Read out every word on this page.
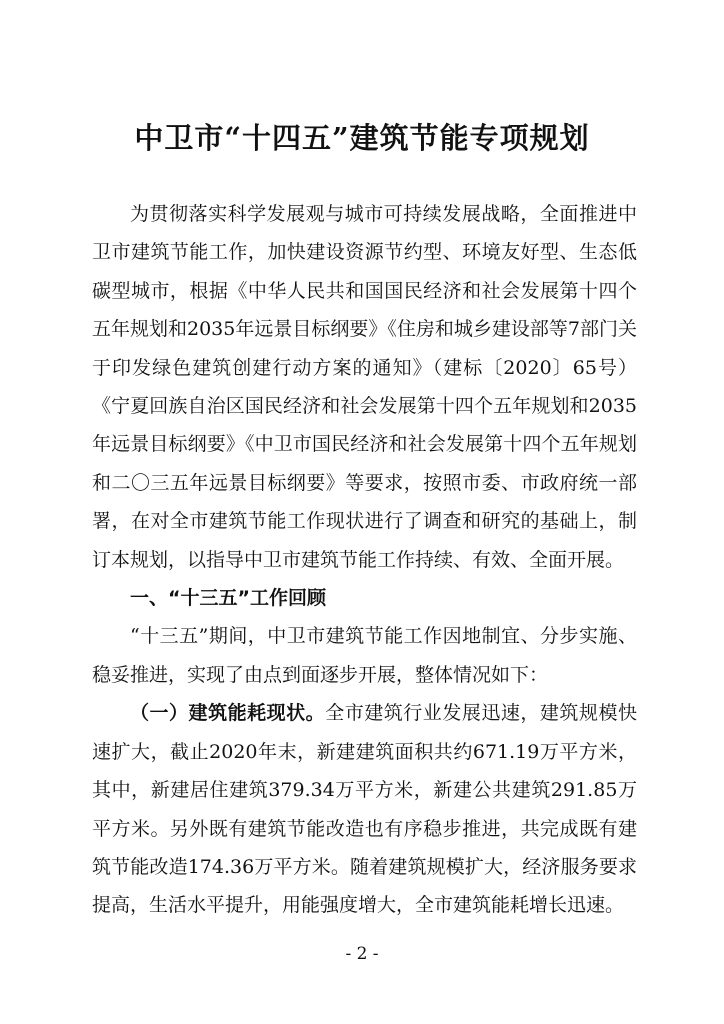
中卫市“十四五”建筑节能专项规划

为贯彻落实科学发展观与城市可持续发展战略，全面推进中卫市建筑节能工作，加快建设资源节约型、环境友好型、生态低碳型城市，根据《中华人民共和国国民经济和社会发展第十四个五年规划和2035年远景目标纲要》《住房和城乡建设部等7部门关于印发绿色建筑创建行动方案的通知》（建标〔2020〕65号）《宁夏回族自治区国民经济和社会发展第十四个五年规划和2035年远景目标纲要》《中卫市国民经济和社会发展第十四个五年规划和二〇三五年远景目标纲要》等要求，按照市委、市政府统一部署，在对全市建筑节能工作现状进行了调查和研究的基础上，制订本规划，以指导中卫市建筑节能工作持续、有效、全面开展。

一、“十三五”工作回顾

“十三五”期间，中卫市建筑节能工作因地制宜、分步实施、稳妥推进，实现了由点到面逐步开展，整体情况如下：

（一）建筑能耗现状。全市建筑行业发展迅速，建筑规模快速扩大，截止2020年末，新建建筑面积共约671.19万平方米，其中，新建居住建筑379.34万平方米，新建公共建筑291.85万平方米。另外既有建筑节能改造也有序稳步推进，共完成既有建筑节能改造174.36万平方米。随着建筑规模扩大，经济服务要求提高，生活水平提升，用能强度增大，全市建筑能耗增长迅速。

- 2 -
